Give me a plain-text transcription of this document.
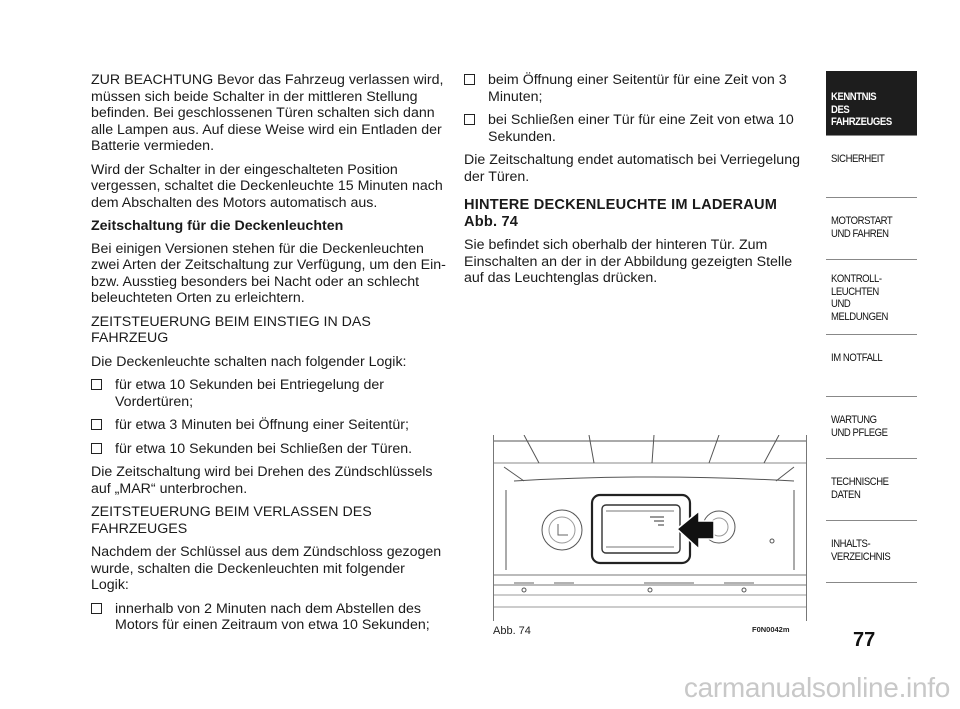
ZUR BEACHTUNG Bevor das Fahrzeug verlassen wird, müssen sich beide Schalter in der mittleren Stellung befinden. Bei geschlossenen Türen schalten sich dann alle Lampen aus. Auf diese Weise wird ein Entladen der Batterie vermieden.

Wird der Schalter in der eingeschalteten Position vergessen, schaltet die Deckenleuchte 15 Minuten nach dem Abschalten des Motors automatisch aus.

Zeitschaltung für die Deckenleuchten

Bei einigen Versionen stehen für die Deckenleuchten zwei Arten der Zeitschaltung zur Verfügung, um den Ein- bzw. Ausstieg besonders bei Nacht oder an schlecht beleuchteten Orten zu erleichtern.

ZEITSTEUERUNG BEIM EINSTIEG IN DAS FAHRZEUG

Die Deckenleuchte schalten nach folgender Logik:

für etwa 10 Sekunden bei Entriegelung der Vordertüren;
für etwa 3 Minuten bei Öffnung einer Seitentür;
für etwa 10 Sekunden bei Schließen der Türen.

Die Zeitschaltung wird bei Drehen des Zündschlüssels auf „MAR“ unterbrochen.

ZEITSTEUERUNG BEIM VERLASSEN DES FAHRZEUGES

Nachdem der Schlüssel aus dem Zündschloss gezogen wurde, schalten die Deckenleuchten mit folgender Logik:

innerhalb von 2 Minuten nach dem Abstellen des Motors für einen Zeitraum von etwa 10 Sekunden;
beim Öffnung einer Seitentür für eine Zeit von 3 Minuten;
bei Schließen einer Tür für eine Zeit von etwa 10 Sekunden.

Die Zeitschaltung endet automatisch bei Verriegelung der Türen.

HINTERE DECKENLEUCHTE IM LADERAUM Abb. 74

Sie befindet sich oberhalb der hinteren Tür. Zum Einschalten an der in der Abbildung gezeigten Stelle auf das Leuchtenglas drücken.

Abb. 74	F0N0042m
KENNTNIS
DES FAHRZEUGES
SICHERHEIT
MOTORSTART
UND FAHREN
KONTROLL-
LEUCHTEN
UND MELDUNGEN
IM NOTFALL
WARTUNG
UND PFLEGE
TECHNISCHE
DATEN
INHALTS-
VERZEICHNIS
77
carmanualsonline.info
